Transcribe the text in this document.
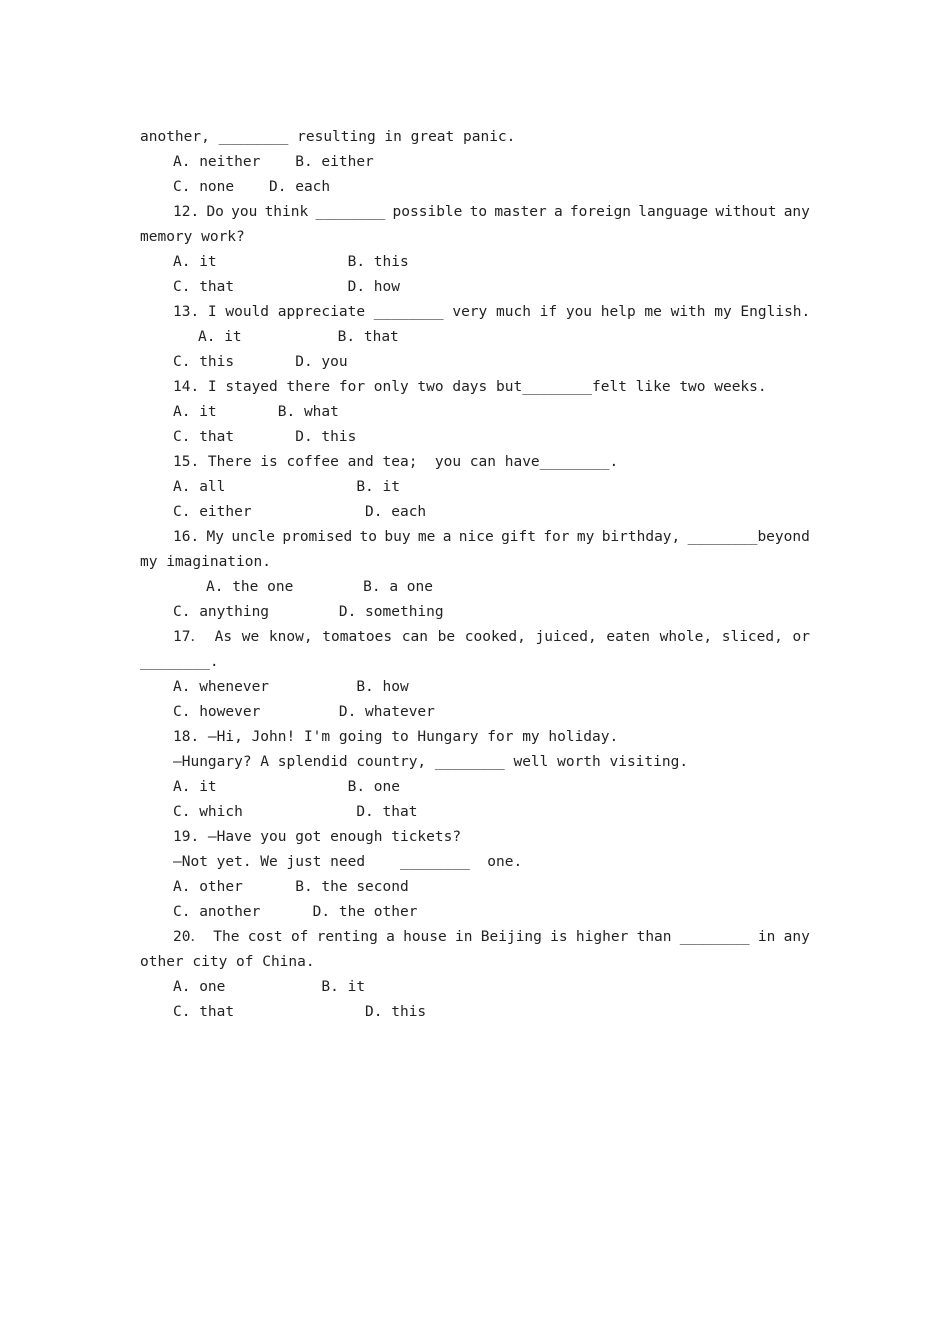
another, ________ resulting in great panic.
A. neither    B. either
C. none    D. each
12. Do you think ________ possible to master a foreign language without any
memory work?
A. it               B. this
C. that             D. how
13. I would appreciate ________ very much if you help me with my English.
A. it           B. that
C. this       D. you
14. I stayed there for only two days but________felt like two weeks.
A. it       B. what
C. that       D. this
15. There is coffee and tea;  you can have________.
A. all               B. it
C. either             D. each
16. My uncle promised to buy me a nice gift for my birthday, ________beyond
my imagination.
A. the one        B. a one
C. anything        D. something
17． As we know, tomatoes can be cooked, juiced, eaten whole, sliced, or
________.
A. whenever          B. how
C. however         D. whatever
18. —Hi, John! I'm going to Hungary for my holiday.
—Hungary? A splendid country, ________ well worth visiting.
A. it               B. one
C. which             D. that
19. —Have you got enough tickets?
—Not yet. We just need    ________  one.
A. other      B. the second
C. another      D. the other
20． The cost of renting a house in Beijing is higher than ________ in any
other city of China.
A. one           B. it
C. that               D. this
